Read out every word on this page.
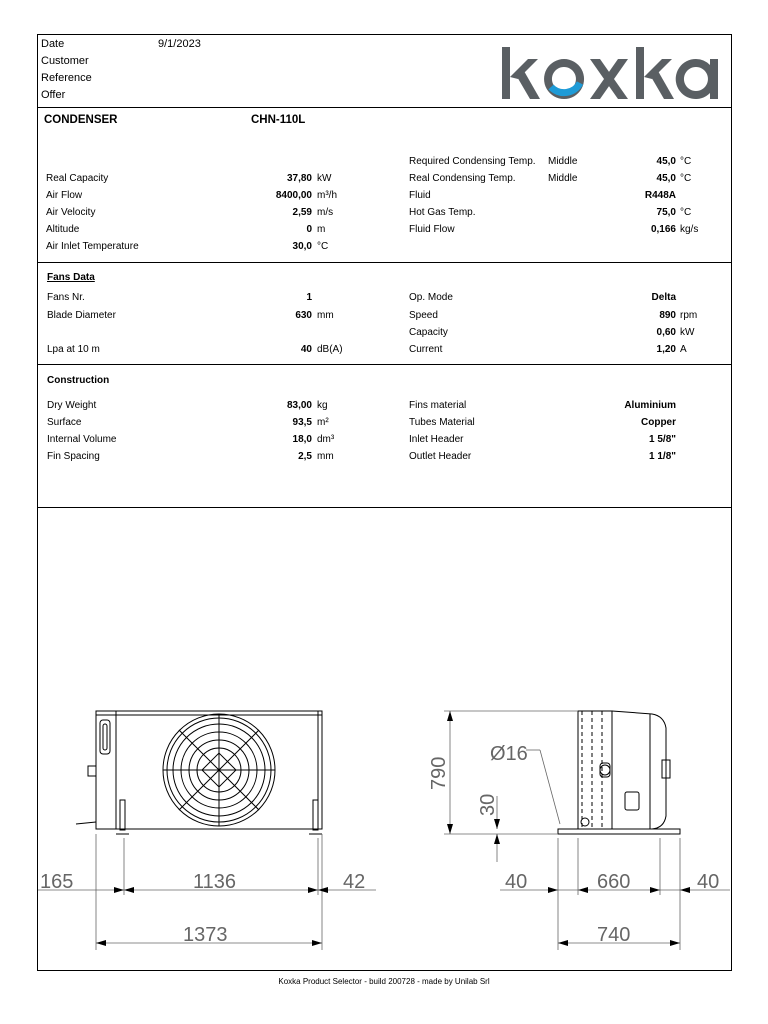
Date	9/1/2023
Customer
Reference
Offer	®
CONDENSER	CHN-110L
Real Capacity	37,80 kW
Air Flow	8400,00 m³/h
Air Velocity	2,59 m/s
Altitude	0 m
Air Inlet Temperature	30,0 °C
Required Condensing Temp. Middle	45,0 °C
Real Condensing Temp.	Middle	45,0 °C
Fluid	R448A
Hot Gas Temp.	75,0 °C
Fluid Flow	0,166 kg/s
Fans Data
Fans Nr.	1
Blade Diameter	630 mm
Lpa at 10 m	40 dB(A)
Op. Mode	Delta
Speed	890 rpm
Capacity	0,60 kW
Current	1,20 A
Construction
Dry Weight	83,00 kg
Surface	93,5 m²
Internal Volume	18,0 dm³
Fin Spacing	2,5 mm
Fins material	Aluminium
Tubes Material	Copper
Inlet Header	1 5/8"
Outlet Header	1 1/8"
165	1136	42
1373
790
Ø16
30
40	660	40
740
Koxka Product Selector - build 200728 - made by Unilab Srl
